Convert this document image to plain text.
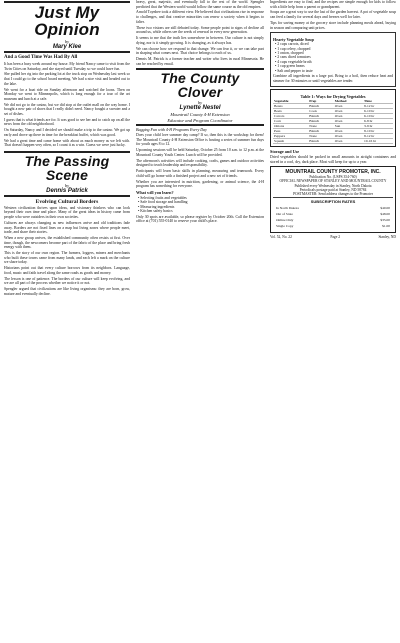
Just My
Opinion
by
Mary Klee
And a Good Time Was Had By All

It has been a busy week around my house. My friend Nancy came to visit from the Twin Cities on Saturday, and she stayed until Tuesday so we could have fun.

She pulled her rig into the parking lot at the truck stop on Wednesday last week so that I could go to the school board meeting. We had a nice visit and headed out to the lake.

We went for a boat ride on Sunday afternoon and watched the loons. Then on Monday we went to Minneapolis, which is long enough for a tour of the art museum and lunch at a cafe.

We did not go to the casino, but we did stop at the outlet mall on the way home. I bought a new pair of shoes that I really didn't need. Nancy bought a sweater and a set of dishes.

I guess that is what friends are for. It was good to see her and to catch up on all the news from the old neighborhood.

On Saturday, Nancy and I decided we should make a trip to the casino. We got up early and drove up there in time for the breakfast buffet, which was good.

We had a great time and came home with about as much money as we left with. That doesn't happen very often, so I count it as a win. Guess we were just lucky.

The Passing
Scene
by
Dennis Patrick
Evolving Cultural Borders

Western civilization thrives upon ideas, and visionary thinkers who can look beyond their own time and place. Many of the great ideas in history came from people who were outsiders in their own societies.

Cultures are always changing as new influences arrive and old traditions fade away. Borders are not fixed lines on a map but living zones where people meet, trade, and share their stories.

When a new group arrives, the established community often resists at first. Over time, though, the newcomers become part of the fabric of the place and bring fresh energy with them.

This is the story of our own region. The farmers, loggers, miners and merchants who built these towns came from many lands, and each left a mark on the culture we share today.

Historians point out that every culture borrows from its neighbors. Language, food, music and faith travel along the same roads as goods and money.

The lesson is one of patience. The borders of our culture will keep evolving, and we are all part of the process whether we notice it or not.

Spengler argued that civilizations are like living organisms: they are born, grow, mature and eventually decline.

heavy, great, majestic, and eventually fall to the rest of the world. Spengler predicted that the Western world would follow the same course as the old empires.

Arnold Toynbee took a different view. He believed that civilizations rise in response to challenges, and that creative minorities can renew a society when it begins to falter.

These two visions are still debated today. Some people point to signs of decline all around us, while others see the seeds of renewal in every new generation.

It seems to me that the truth lies somewhere in between. Our culture is not simply dying, nor is it simply growing. It is changing, as it always has.

We can choose how we respond to that change. We can fear it, or we can take part in shaping what comes next. That choice belongs to each of us.

Dennis M. Patrick is a former teacher and writer who lives in rural Minnesota. He can be reached by email.

The County
Clover
by
Lynette Nestel
Mountrail County 4-H Extension
Educator and Program Coordinator
Bagging Fun with 4-H Programs Every Day

Does your child love summer day camp? If so, then this is the workshop for them! The Mountrail County 4-H Extension Office is hosting a series of summer fun days for youth ages 8 to 12.

Upcoming sessions will be held Saturday, October 25 from 10 a.m. to 12 p.m. at the Mountrail County Youth Center. Lunch will be provided.

The afternoon's activities will include cooking, crafts, games and outdoor activities designed to teach leadership and responsibility.

Participants will learn basic skills in planning, measuring and teamwork. Every child will go home with a finished project and a new set of friends.

Whether you are interested in nutrition, gardening, or animal science, the 4-H program has something for everyone.

What will you learn?
• Selecting fruits and vegetables
• Safe food storage and handling
• Measuring ingredients
• Kitchen safety basics

Only 30 spots are available, so please register by October 20th. Call the Extension office at (701) 555-0140 to reserve your child's place.

Ingredients are easy to find, and the recipes are simple enough for kids to follow with a little help from a parent or grandparent.

Soups are a great way to use the last of the garden harvest. A pot of vegetable soup can feed a family for several days and freezes well for later.

Tips for saving money at the grocery store include planning meals ahead, buying in season and comparing unit prices.

Hearty Vegetable Soup
• 2 cups carrots, diced
• 1 cup celery, chopped
• 1 onion, chopped
• 2 cans diced tomatoes
• 4 cups vegetable broth
• 1 cup green beans
• Salt and pepper to taste

Combine all ingredients in a large pot. Bring to a boil, then reduce heat and simmer for 30 minutes or until vegetables are tender.

Table 1: Ways for Drying Vegetables
Vegetable	Prep	Method	Time
Beans	Blanch	Oven	8-12 hr
Beets	Cook	Oven	6-10 hr
Carrots	Blanch	Oven	6-10 hr
Corn	Blanch	Oven	6-8 hr
Onions	None	Sun	3-9 hr
Peas	Blanch	Oven	8-10 hr
Peppers	None	Oven	8-12 hr
Squash	Blanch	Oven	10-16 hr
Storage and Use

Dried vegetables should be packed in small amounts in airtight containers and stored in a cool, dry, dark place. Most will keep for up to a year.

MOUNTRAIL COUNTY PROMOTER, INC.
Publication No. (USPS 354-760)
OFFICIAL NEWSPAPER OF STANLEY AND MOUNTRAIL COUNTY
Published every Wednesday in Stanley, North Dakota
Periodicals postage paid at Stanley, ND 58784
POSTMASTER: Send address changes to the Promoter
SUBSCRIPTION RATES
In North Dakota	$40.00
Out of State	$48.00
Online Only	$35.00
Single Copy	$1.00
Vol. 52, No. 22	Page 2	Stanley, ND
